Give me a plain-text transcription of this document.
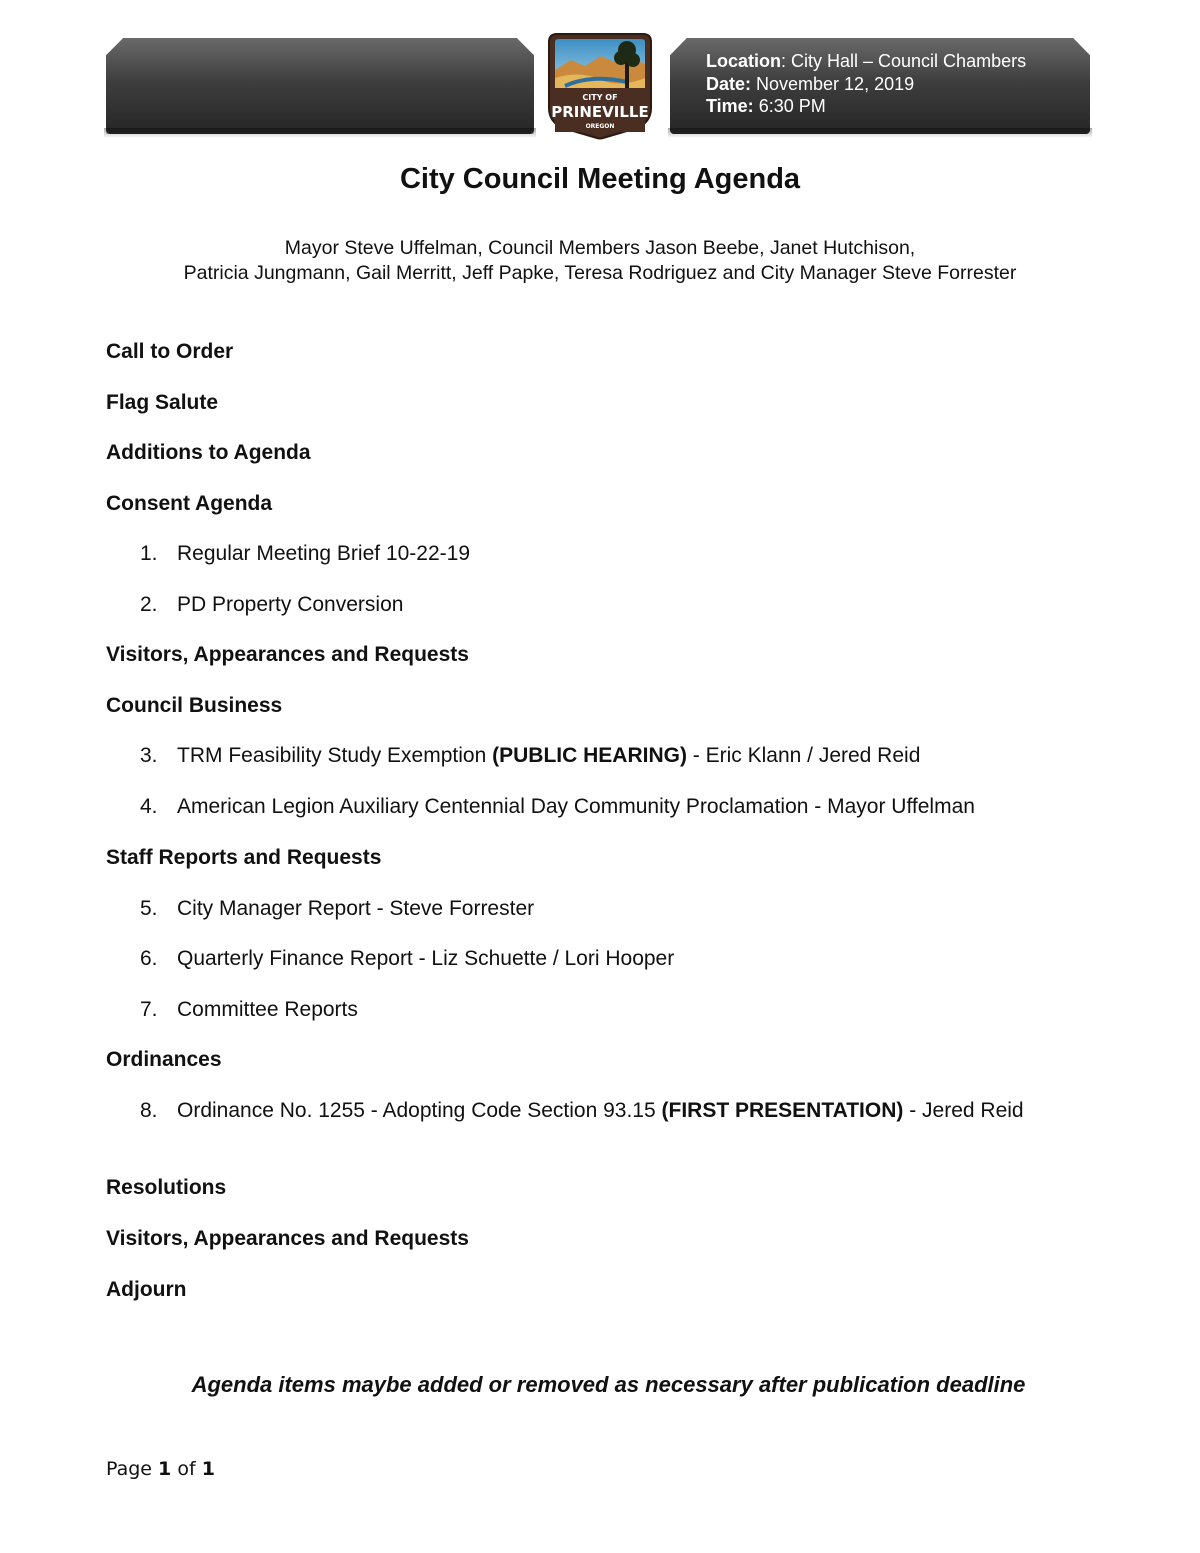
Location: City Hall – Council Chambers
Date: November 12, 2019
Time: 6:30 PM
CITY OF
PRINEVILLE
OREGON
City Council Meeting Agenda
Mayor Steve Uffelman, Council Members Jason Beebe, Janet Hutchison,
Patricia Jungmann, Gail Merritt, Jeff Papke, Teresa Rodriguez and City Manager Steve Forrester
Call to Order
Flag Salute
Additions to Agenda
Consent Agenda
1. Regular Meeting Brief 10-22-19
2. PD Property Conversion
Visitors, Appearances and Requests
Council Business
3. TRM Feasibility Study Exemption (PUBLIC HEARING) - Eric Klann / Jered Reid
4. American Legion Auxiliary Centennial Day Community Proclamation - Mayor Uffelman
Staff Reports and Requests
5. City Manager Report - Steve Forrester
6. Quarterly Finance Report - Liz Schuette / Lori Hooper
7. Committee Reports
Ordinances
8. Ordinance No. 1255 - Adopting Code Section 93.15 (FIRST PRESENTATION) - Jered Reid
Resolutions
Visitors, Appearances and Requests
Adjourn
Agenda items maybe added or removed as necessary after publication deadline
Page 1 of 1
